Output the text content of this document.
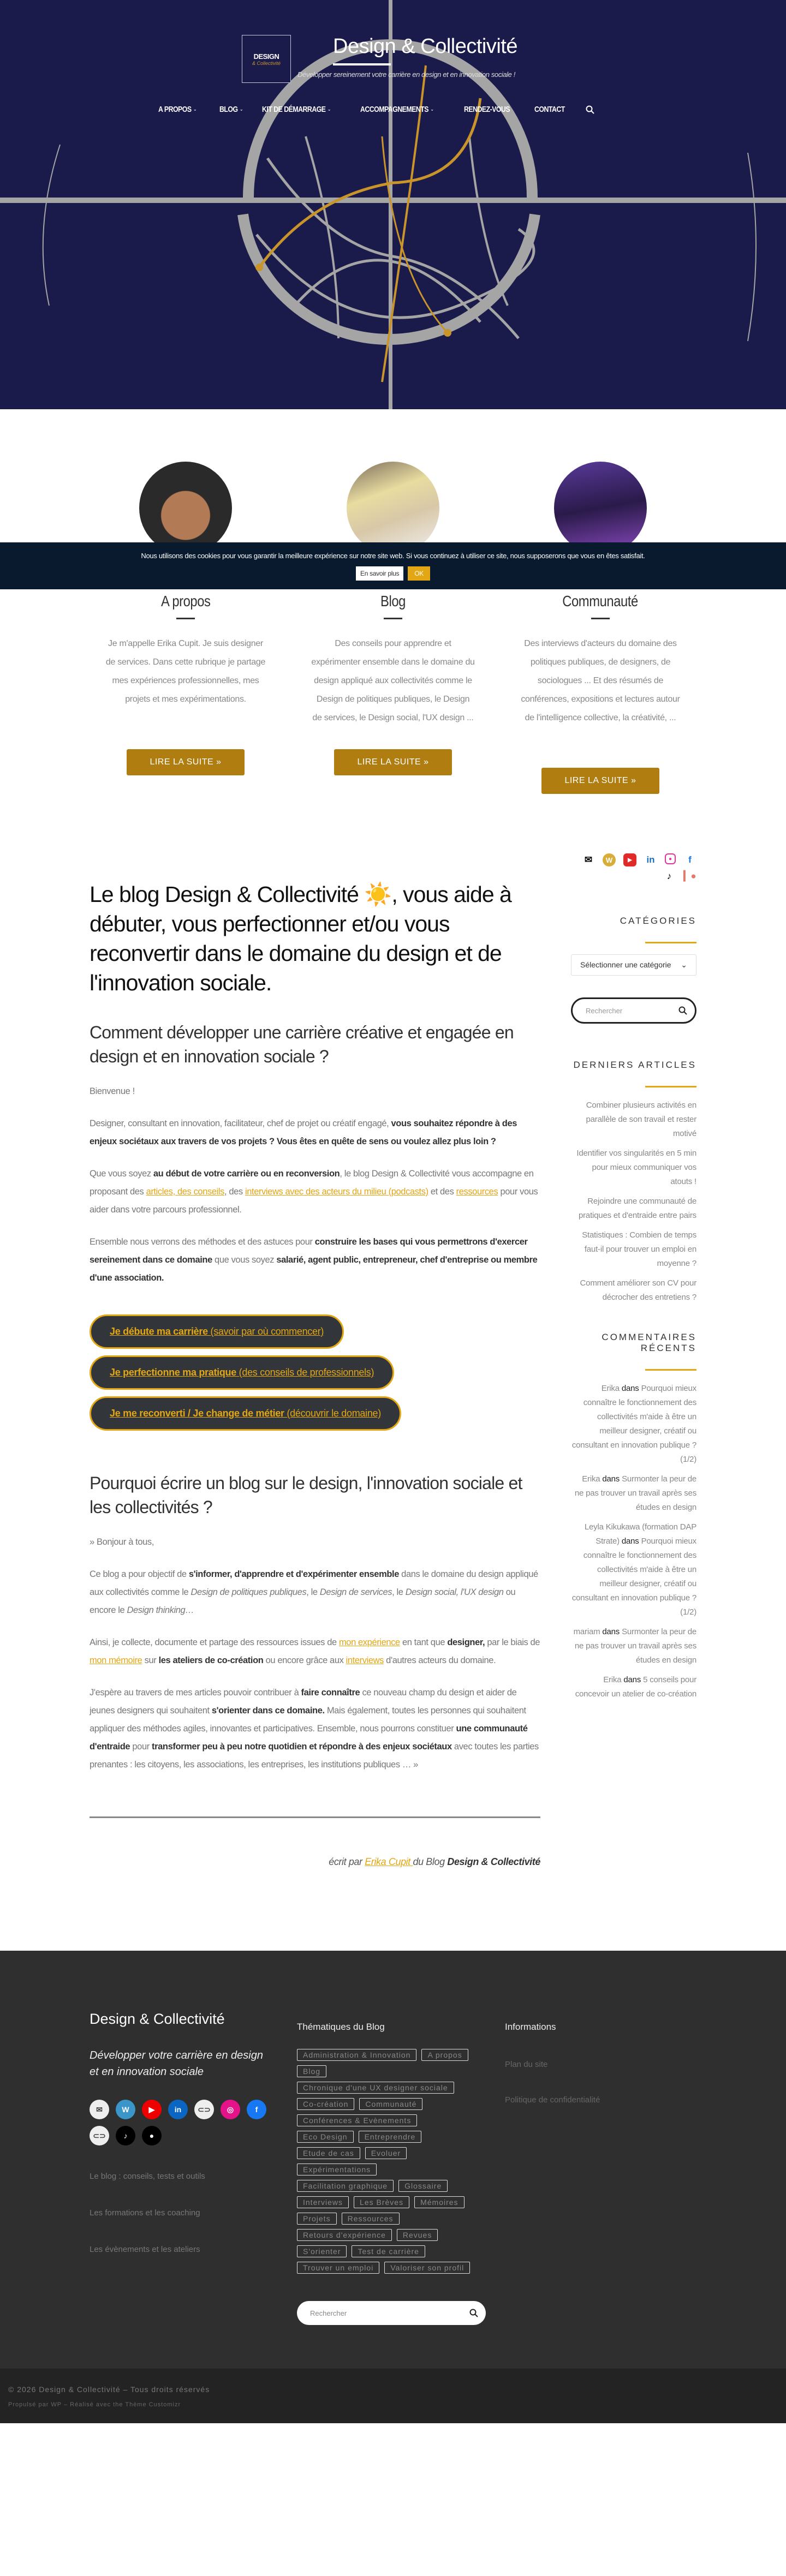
DESIGN
& Collectivité
Design & Collectivité
Développer sereinement votre carrière en design et en innovation sociale !
A PROPOS ⌄	BLOG ⌄ KIT DE DÉMARRAGE ⌄	ACCOMPAGNEMENTS ⌄	RENDEZ-VOUS	CONTACT
A propos

Je m'appelle Erika Cupit. Je suis designer de services. Dans cette rubrique je partage mes expériences professionnelles, mes projets et mes expérimentations.

LIRE LA SUITE »
Blog

Des conseils pour apprendre et expérimenter ensemble dans le domaine du design appliqué aux collectivités comme le Design de politiques publiques, le Design de services, le Design social, l'UX design ...

LIRE LA SUITE »
Communauté

Des interviews d'acteurs du domaine des politiques publiques, de designers, de sociologues ... Et des résumés de conférences, expositions et lectures autour de l'intelligence collective, la créativité, ...

LIRE LA SUITE »
Nous utilisons des cookies pour vous garantir la meilleure expérience sur notre site web. Si vous continuez à utiliser ce site, nous supposerons que vous en êtes satisfait.
En savoir plus	OK
Le blog Design & Collectivité ☀️, vous aide à débuter, vous perfectionner et/ou vous reconvertir dans le domaine du design et de l'innovation sociale.
Comment développer une carrière créative et engagée en design et en innovation sociale ?

Bienvenue !

Designer, consultant en innovation, facilitateur, chef de projet ou créatif engagé, vous souhaitez répondre à des enjeux sociétaux aux travers de vos projets ? Vous êtes en quête de sens ou voulez allez plus loin ?

Que vous soyez au début de votre carrière ou en reconversion, le blog Design & Collectivité vous accompagne en proposant des articles, des conseils, des interviews avec des acteurs du milieu (podcasts) et des ressources pour vous aider dans votre parcours professionnel.

Ensemble nous verrons des méthodes et des astuces pour construire les bases qui vous permettrons d'exercer sereinement dans ce domaine que vous soyez salarié, agent public, entrepreneur, chef d'entreprise ou membre d'une association.

Je débute ma carrière (savoir par où commencer)
Je perfectionne ma pratique (des conseils de professionnels)
Je me reconverti / Je change de métier (découvrir le domaine)
Pourquoi écrire un blog sur le design, l'innovation sociale et les collectivités ?

» Bonjour à tous,

Ce blog a pour objectif de s'informer, d'apprendre et d'expérimenter ensemble dans le domaine du design appliqué aux collectivités comme le Design de politiques publiques, le Design de services, le Design social, l'UX design ou encore le Design thinking…

Ainsi, je collecte, documente et partage des ressources issues de mon expérience en tant que designer, par le biais de mon mémoire sur les ateliers de co-création ou encore grâce aux interviews d'autres acteurs du domaine.

J'espère au travers de mes articles pouvoir contribuer à faire connaître ce nouveau champ du design et aider de jeunes designers qui souhaitent s'orienter dans ce domaine. Mais également, toutes les personnes qui souhaitent appliquer des méthodes agiles, innovantes et participatives. Ensemble, nous pourrons constituer une communauté d'entraide pour transformer peu à peu notre quotidien et répondre à des enjeux sociétaux avec toutes les parties prenantes : les citoyens, les associations, les entreprises, les institutions publiques … »

écrit par Erika Cupit du Blog Design & Collectivité

✉	W	▶	in	●	f
♪	▎●
CATÉGORIES
Sélectionner une catégorie ⌄
Rechercher
DERNIERS ARTICLES
Combiner plusieurs activités en parallèle de son travail et rester motivé
Identifier vos singularités en 5 min pour mieux communiquer vos atouts !
Rejoindre une communauté de pratiques et d'entraide entre pairs
Statistiques : Combien de temps faut-il pour trouver un emploi en moyenne ?
Comment améliorer son CV pour décrocher des entretiens ?
COMMENTAIRES RÉCENTS
Erika dans Pourquoi mieux connaître le fonctionnement des collectivités m'aide à être un meilleur designer, créatif ou consultant en innovation publique ? (1/2)
Erika dans Surmonter la peur de ne pas trouver un travail après ses études en design
Leyla Kikukawa (formation DAP Strate) dans Pourquoi mieux connaître le fonctionnement des collectivités m'aide à être un meilleur designer, créatif ou consultant en innovation publique ? (1/2)
mariam dans Surmonter la peur de ne pas trouver un travail après ses études en design
Erika dans 5 conseils pour concevoir un atelier de co-création
Design & Collectivité
Développer votre carrière en design et en innovation sociale
✉	W	▶	in	⊂⊃	◎	f
⊂⊃	♪	●
Le blog : conseils, tests et outils
Les formations et les coaching
Les évènements et les ateliers
Thématiques du Blog
Administration & Innovation	A propos
Blog
Chronique d'une UX designer sociale
Co-création	Communauté
Conférences & Evènements
Eco Design	Entreprendre
Etude de cas	Evoluer
Expérimentations
Facilitation graphique	Glossaire
Interviews	Les Brèves	Mémoires
Projets	Ressources
Retours d'expérience	Revues
S'orienter	Test de carrière
Trouver un emploi	Valoriser son profil
Rechercher
Informations
Plan du site
Politique de confidentialité
© 2026 Design & Collectivité – Tous droits réservés
Propulsé par WP – Réalisé avec the Thème Customizr
